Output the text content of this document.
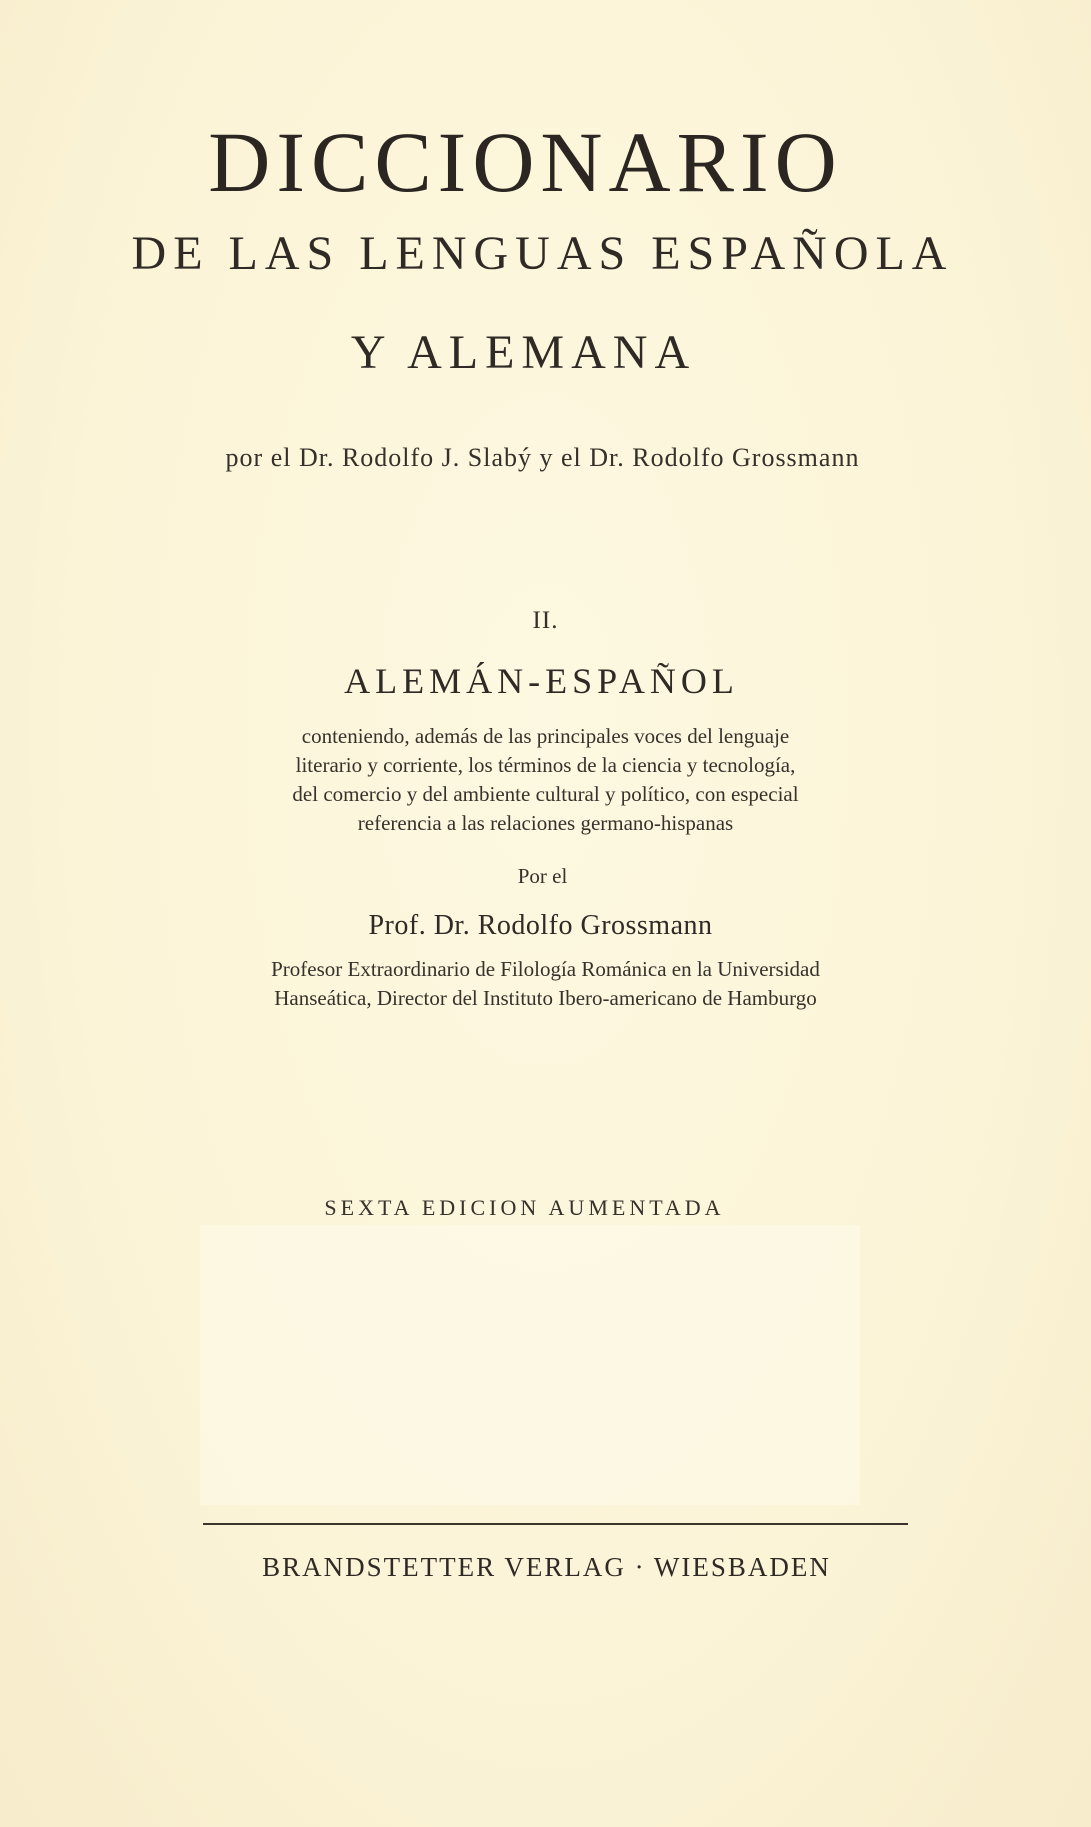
DICCIONARIO
DE LAS LENGUAS ESPAÑOLA
Y ALEMANA
por el Dr. Rodolfo J. Slabý y el Dr. Rodolfo Grossmann
II.
ALEMÁN-ESPAÑOL
conteniendo, además de las principales voces del lenguaje
literario y corriente, los términos de la ciencia y tecnología,
del comercio y del ambiente cultural y político, con especial
referencia a las relaciones germano-hispanas
Por el
Prof. Dr. Rodolfo Grossmann
Profesor Extraordinario de Filología Románica en la Universidad
Hanseática, Director del Instituto Ibero-americano de Hamburgo
SEXTA EDICION AUMENTADA
BRANDSTETTER VERLAG · WIESBADEN
